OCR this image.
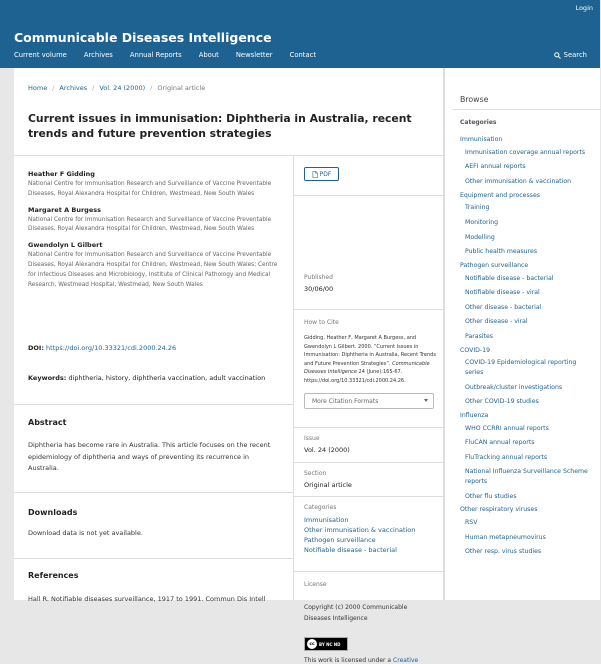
Login
Communicable Diseases Intelligence
Current volume	Archives	Annual Reports	About	Newsletter	Contact	Search
Home / Archives / Vol. 24 (2000) / Original article
Current issues in immunisation: Diphtheria in Australia, recent trends and future prevention strategies
Heather F Gidding
National Centre for Immunisation Research and Surveillance of Vaccine Preventable Diseases, Royal Alexandra Hospital for Children, Westmead, New South Wales
Margaret A Burgess
National Centre for Immunisation Research and Surveillance of Vaccine Preventable Diseases, Royal Alexandra Hospital for Children, Westmead, New South Wales
Gwendolyn L Gilbert
National Centre for Immunisation Research and Surveillance of Vaccine Preventable Diseases, Royal Alexandra Hospital for Children, Westmead, New South Wales; Centre for Infectious Diseases and Microbiology, Institute of Clinical Pathology and Medical Research, Westmead Hospital, Westmead, New South Wales
DOI: https://doi.org/10.33321/cdi.2000.24.26
Keywords: diphtheria, history, diphtheria vaccination, adult vaccination
Abstract
Diphtheria has become rare in Australia. This article focuses on the recent epidemiology of diphtheria and ways of preventing its recurrence in Australia.
Downloads
Download data is not yet available.
References
Hall R. Notifiable diseases surveillance, 1917 to 1991. Commun Dis Intell
PDF
Published
30/06/00
How to Cite
Gidding, Heather F, Margaret A Burgess, and Gwendolyn L Gilbert. 2000. “Current Issues in Immunisation: Diphtheria in Australia, Recent Trends and Future Prevention Strategies”. Communicable Diseases Intelligence 24 (June):165-67. https://doi.org/10.33321/cdi.2000.24.26.
More Citation Formats
Issue
Vol. 24 (2000)
Section
Original article
Categories
Immunisation
Other immunisation & vaccination
Pathogen surveillance
Notifiable disease - bacterial
License
Copyright (c) 2000 Communicable Diseases Intelligence
cc	BY NC ND
This work is licensed under a Creative
Browse
Categories
Immunisation
Immunisation coverage annual reports
AEFI annual reports
Other immunisation & vaccination
Equipment and processes
Training
Monitoring
Modelling
Public health measures
Pathogen surveillance
Notifiable disease - bacterial
Notifiable disease - viral
Other disease - bacterial
Other disease - viral
Parasites
COVID-19
COVID-19 Epidemiological reporting series
Outbreak/cluster investigations
Other COVID-19 studies
Influenza
WHO CCRRI annual reports
FluCAN annual reports
FluTracking annual reports
National Influenza Surveillance Scheme reports
Other flu studies
Other respiratory viruses
RSV
Human metapneumovirus
Other resp. virus studies
